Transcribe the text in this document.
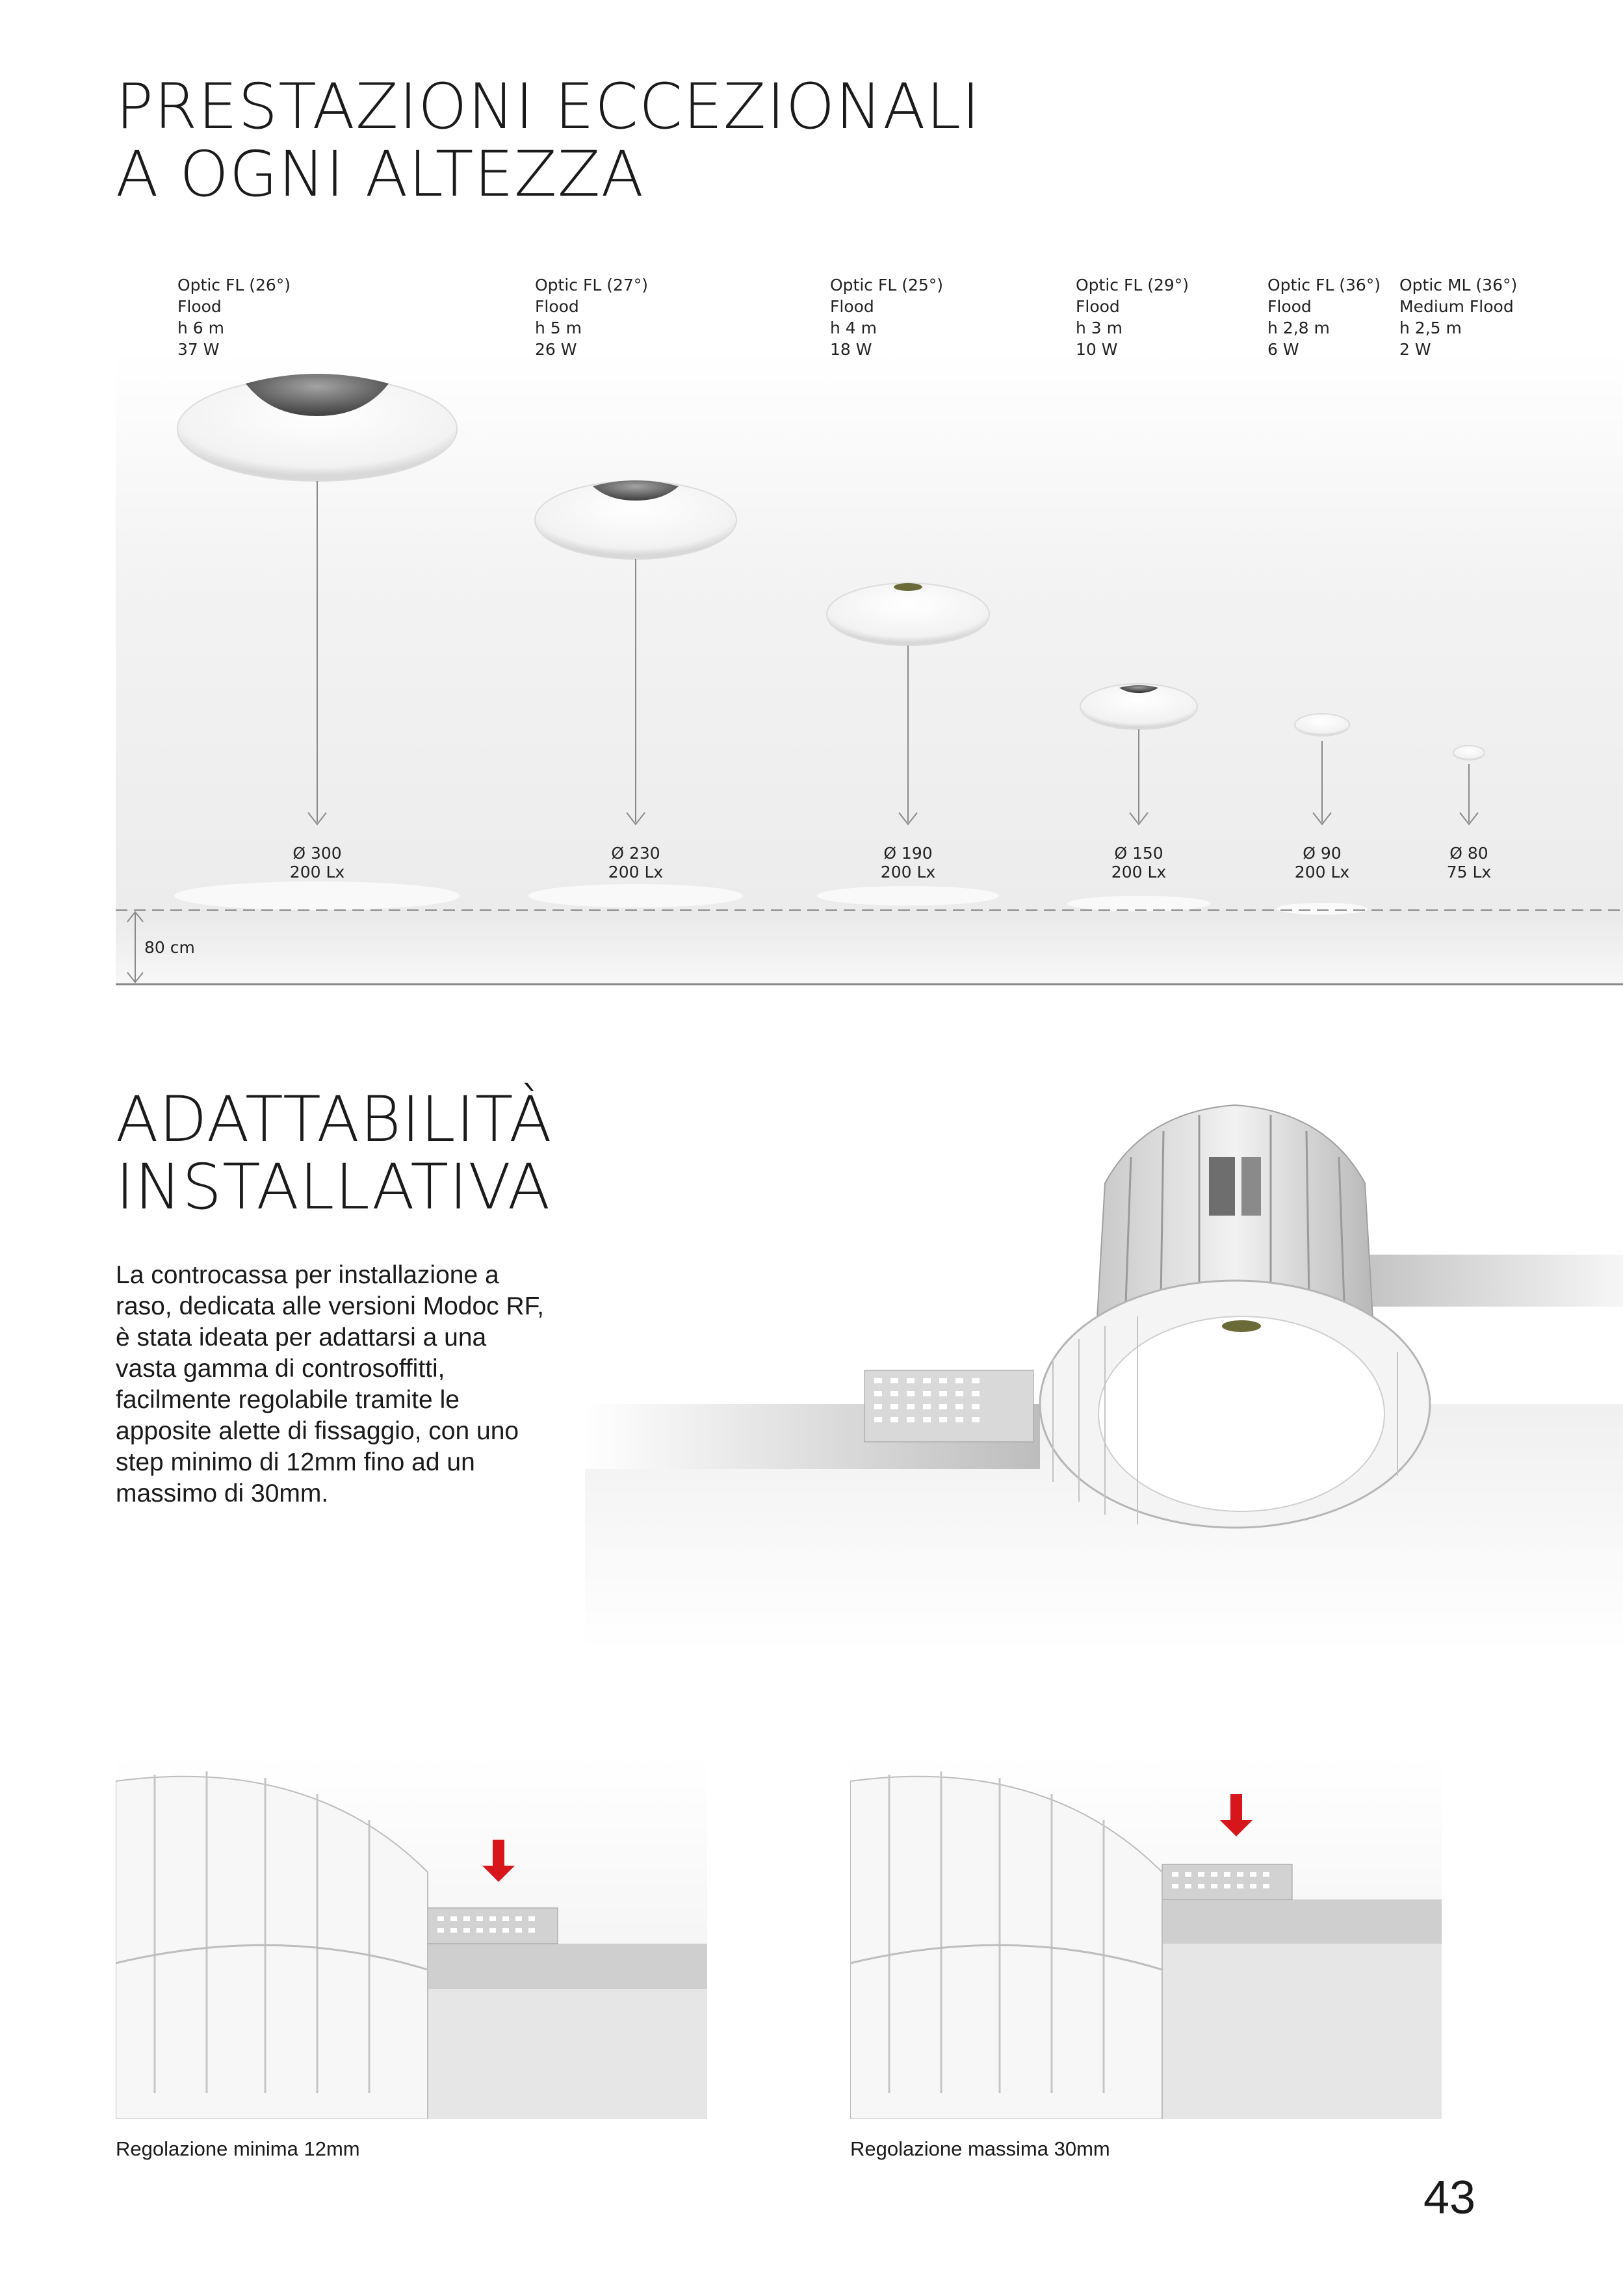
PRESTAZIONI ECCEZIONALI
A OGNI ALTEZZA
Optic FL (26°)
Flood
h 6 m
37 W
Optic FL (27°)
Flood
h 5 m
26 W
Optic FL (25°)
Flood
h 4 m
18 W
Optic FL (29°)
Flood
h 3 m
10 W
Optic FL (36°)
Flood
h 2,8 m
6 W
Optic ML (36°)
Medium Flood
h 2,5 m
2 W
Ø 300
200 Lx
Ø 230
200 Lx
Ø 190
200 Lx
Ø 150
200 Lx
Ø 90
200 Lx
Ø 80
75 Lx
80 cm
ADATTABILITÀ
INSTALLATIVA

La controcassa per installazione a raso, dedicata alle versioni Modoc RF, è stata ideata per adattarsi a una vasta gamma di controsoffitti, facilmente regolabile tramite le apposite alette di fissaggio, con uno step minimo di 12mm fino ad un massimo di 30mm.

Regolazione minima 12mm	Regolazione massima 30mm
43
